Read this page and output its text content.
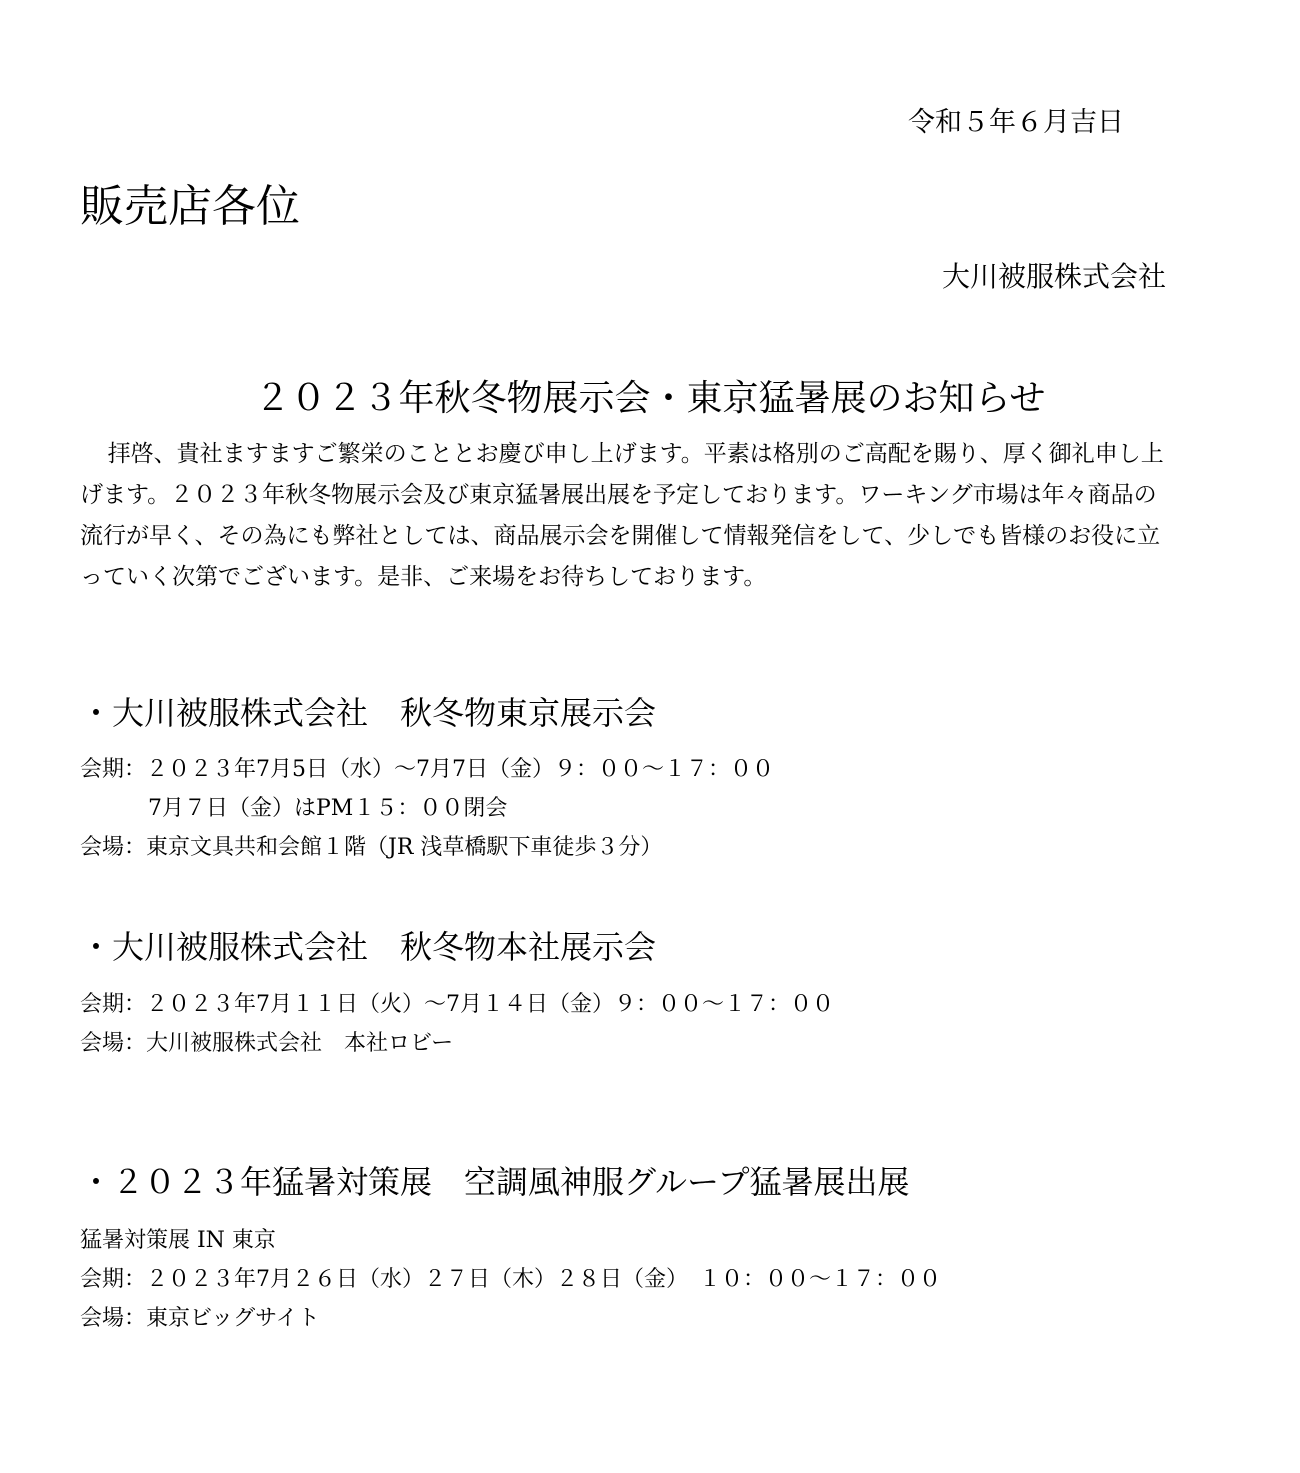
令和５年６月吉日
販売店各位
大川被服株式会社
２０２３年秋冬物展示会・東京猛暑展のお知らせ
拝啓、貴社ますますご繁栄のこととお慶び申し上げます。平素は格別のご高配を賜り、厚く御礼申し上
げます。２０２３年秋冬物展示会及び東京猛暑展出展を予定しております。ワーキング市場は年々商品の
流行が早く、その為にも弊社としては、商品展示会を開催して情報発信をして、少しでも皆様のお役に立
っていく次第でございます。是非、ご来場をお待ちしております。
・大川被服株式会社　秋冬物東京展示会
会期：２０２３年7月5日（水）～7月7日（金）９：００～１７：００
7月７日（金）はPM１５：００閉会
会場：東京文具共和会館１階（JR 浅草橋駅下車徒歩３分）
・大川被服株式会社　秋冬物本社展示会
会期：２０２３年7月１１日（火）～7月１４日（金）９：００～１７：００
会場：大川被服株式会社　本社ロビー
・２０２３年猛暑対策展　空調風神服グループ猛暑展出展
猛暑対策展 IN 東京
会期：２０２３年7月２６日（水）２７日（木）２８日（金）　１０：００～１７：００
会場：東京ビッグサイト
